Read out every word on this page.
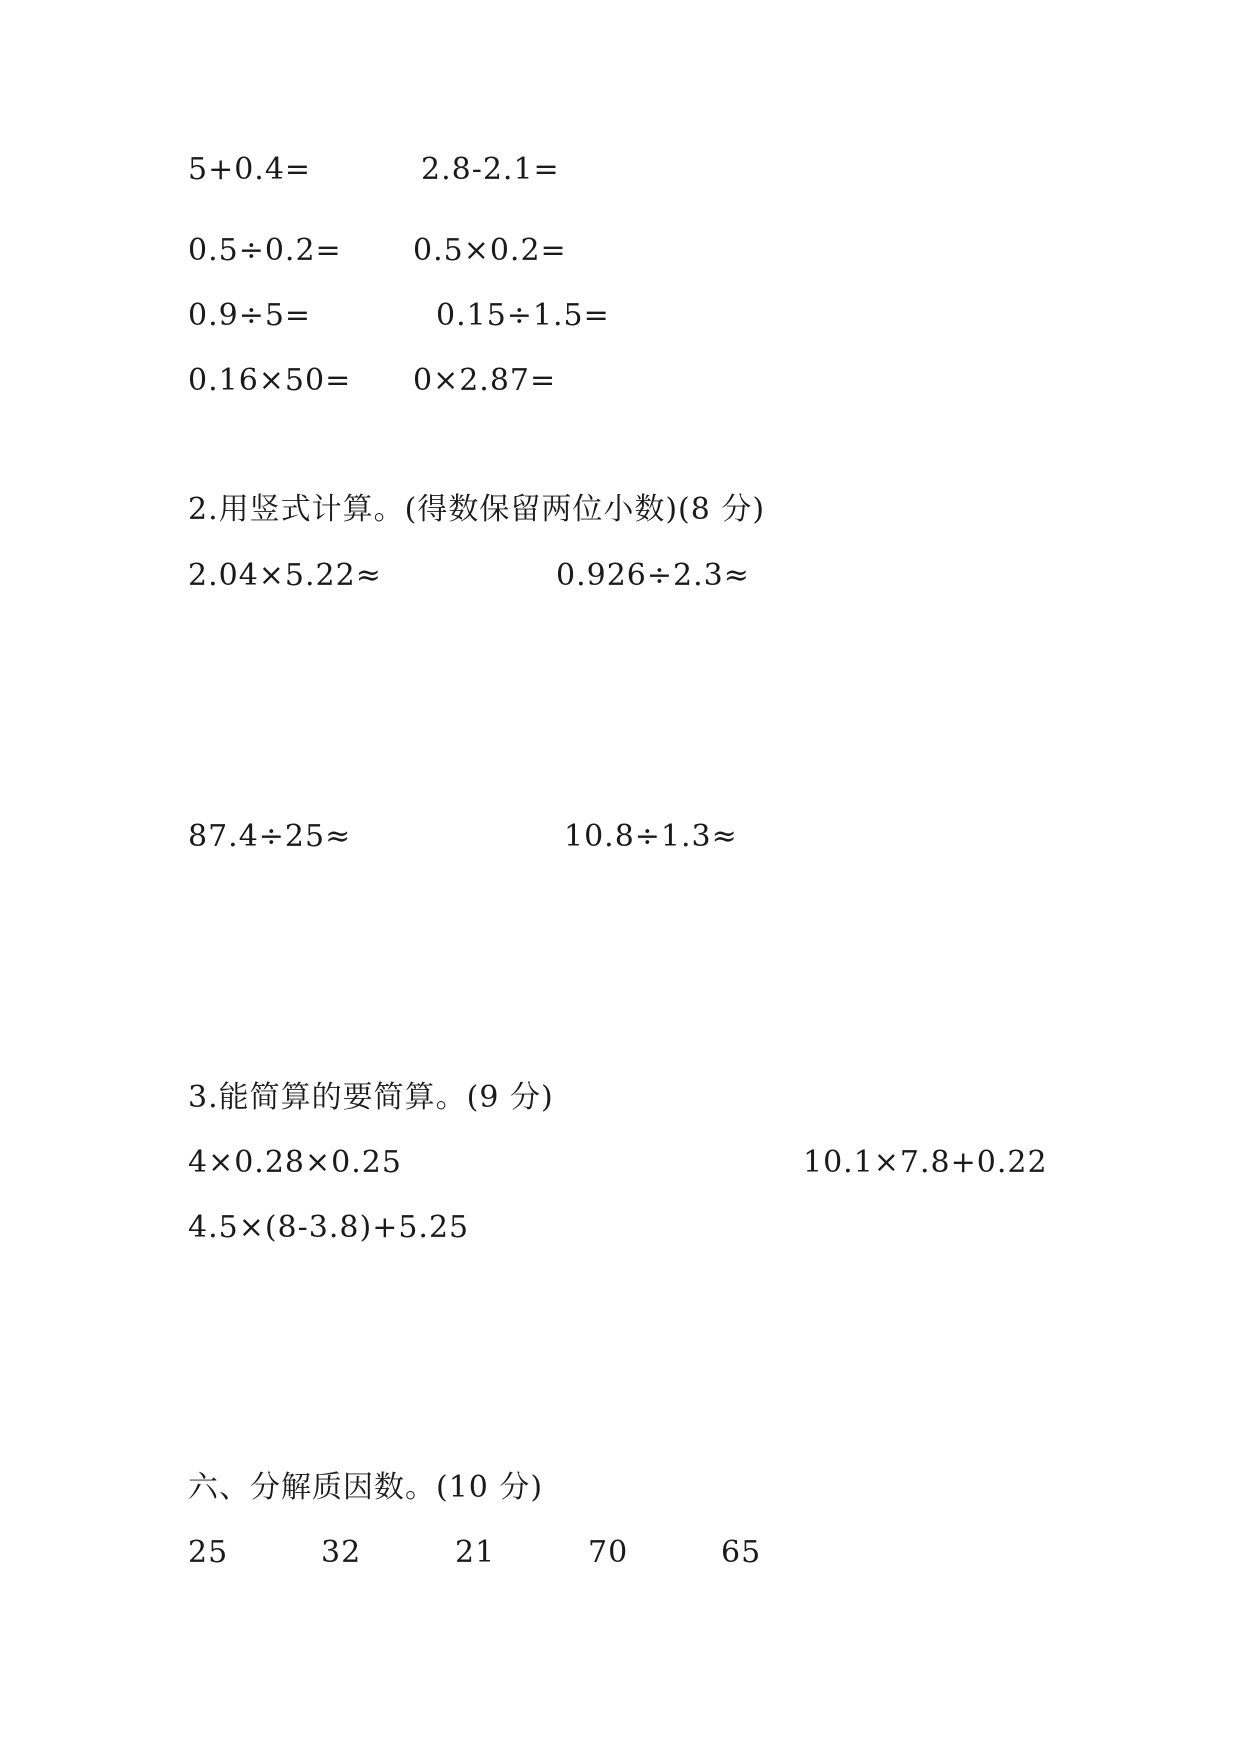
5+0.4=	2.8-2.1=
0.5÷0.2= 0.5×0.2=
0.9÷5=	0.15÷1.5=
0.16×50= 0×2.87=
2.用竖式计算。(得数保留两位小数)(8 分)
2.04×5.22≈	0.926÷2.3≈
87.4÷25≈	10.8÷1.3≈
3.能简算的要简算。(9 分)
4×0.28×0.25	10.1×7.8+0.22
4.5×(8-3.8)+5.25
六、分解质因数。(10 分)
25	32	21	70	65
